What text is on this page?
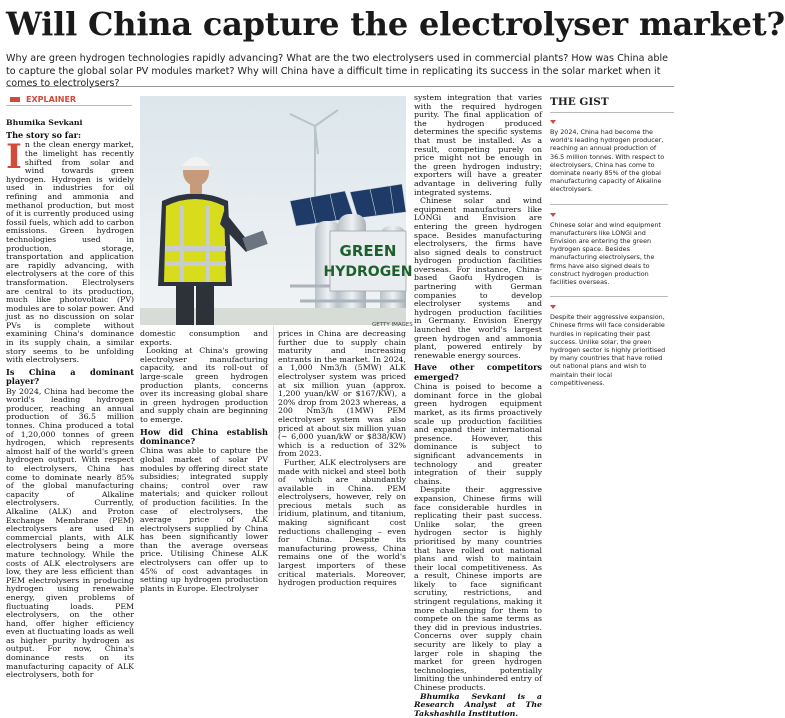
Will China capture the electrolyser market?
Why are green hydrogen technologies rapidly advancing? What are the two electrolysers used in commercial plants? How was China able to capture the global solar PV modules market? Why will China have a difficult time in replicating its success in the solar market when it comes to electrolysers?
EXPLAINER
Bhumika Sevkani
The story so far:

In the clean energy market, the limelight has recently shifted from solar and wind towards green hydrogen. Hydrogen is widely used in industries for oil refining and ammonia and methanol production, but most of it is currently produced using fossil fuels, which add to carbon emissions. Green hydrogen technologies used in production, storage, transportation and application are rapidly advancing, with electrolysers at the core of this transformation. Electrolysers are central to its production, much like photovoltaic (PV) modules are to solar power. And just as no discussion on solar PVs is complete without examining China's dominance in its supply chain, a similar story seems to be unfolding with electrolysers.

Is China a dominant player?

By 2024, China had become the world's leading hydrogen producer, reaching an annual production of 36.5 million tonnes. China produced a total of 1,20,000 tonnes of green hydrogen, which represents almost half of the world's green hydrogen output. With respect to electrolysers, China has come to dominate nearly 85% of the global manufacturing capacity of Alkaline electrolysers. Currently, Alkaline (ALK) and Proton Exchange Membrane (PEM) electrolysers are used in commercial plants, with ALK electrolysers being a more mature technology. While the costs of ALK electrolysers are low, they are less efficient than PEM electrolysers in producing hydrogen using renewable energy, given problems of fluctuating loads. PEM electrolysers, on the other hand, offer higher efficiency even at fluctuating loads as well as higher purity hydrogen as output. For now, China's dominance rests on its manufacturing capacity of ALK electrolysers, both for

GREEN
HYDROGEN
GETTY IMAGES

domestic consumption and exports.

Looking at China's growing electrolyser manufacturing capacity, and its roll-out of large-scale green hydrogen production plants, concerns over its increasing global share in green hydrogen production and supply chain are beginning to emerge.

How did China establish dominance?

China was able to capture the global market of solar PV modules by offering direct state subsidies; integrated supply chains; control over raw materials; and quicker rollout of production facilities. In the case of electrolysers, the average price of ALK electrolysers supplied by China has been significantly lower than the average overseas price. Utilising Chinese ALK electrolysers can offer up to 45% of cost advantages in setting up hydrogen production plants in Europe. Electrolyser

prices in China are decreasing further due to supply chain maturity and increasing entrants in the market. In 2024, a 1,000 Nm3/h (5MW) ALK electrolyser system was priced at six million yuan (approx. 1,200 yuan/kW or $167/KW), a 20% drop from 2023 whereas, a 200 Nm3/h (1MW) PEM electrolyser system was also priced at about six million yuan (~ 6,000 yuan/kW or $838/KW) which is a reduction of 32% from 2023.

Further, ALK electrolysers are made with nickel and steel both of which are abundantly available in China. PEM electrolysers, however, rely on precious metals such as iridium, platinum, and titanium, making significant cost reductions challenging – even for China. Despite its manufacturing prowess, China remains one of the world's largest importers of these critical materials. Moreover, hydrogen production requires

system integration that varies with the required hydrogen purity. The final application of the hydrogen produced determines the specific systems that must be installed. As a result, competing purely on price might not be enough in the green hydrogen industry; exporters will have a greater advantage in delivering fully integrated systems.

Chinese solar and wind equipment manufacturers like LONGi and Envision are entering the green hydrogen space. Besides manufacturing electrolysers, the firms have also signed deals to construct hydrogen production facilities overseas. For instance, China-based Gaofu Hydrogen is partnering with German companies to develop electrolyser systems and hydrogen production facilities in Germany. Envision Energy launched the world's largest green hydrogen and ammonia plant, powered entirely by renewable energy sources.

Have other competitors emerged?

China is poised to become a dominant force in the global green hydrogen equipment market, as its firms proactively scale up production facilities and expand their international presence. However, this dominance is subject to significant advancements in technology and greater integration of their supply chains.

Despite their aggressive expansion, Chinese firms will face considerable hurdles in replicating their past success. Unlike solar, the green hydrogen sector is highly prioritised by many countries that have rolled out national plans and wish to maintain their local competitiveness. As a result, Chinese imports are likely to face significant scrutiny, restrictions, and stringent regulations, making it more challenging for them to compete on the same terms as they did in previous industries. Concerns over supply chain security are likely to play a larger role in shaping the market for green hydrogen technologies, potentially limiting the unhindered entry of Chinese products.

Bhumika Sevkani is a Research Analyst at The Takshashila Institution.

THE GIST
By 2024, China had become the world's leading hydrogen producer, reaching an annual production of 36.5 million tonnes. With respect to electrolysers, China has come to dominate nearly 85% of the global manufacturing capacity of Alkaline electrolysers.
Chinese solar and wind equipment manufacturers like LONGi and Envision are entering the green hydrogen space. Besides manufacturing electrolysers, the firms have also signed deals to construct hydrogen production facilities overseas.
Despite their aggressive expansion, Chinese firms will face considerable hurdles in replicating their past success. Unlike solar, the green hydrogen sector is highly prioritised by many countries that have rolled out national plans and wish to maintain their local competitiveness.
